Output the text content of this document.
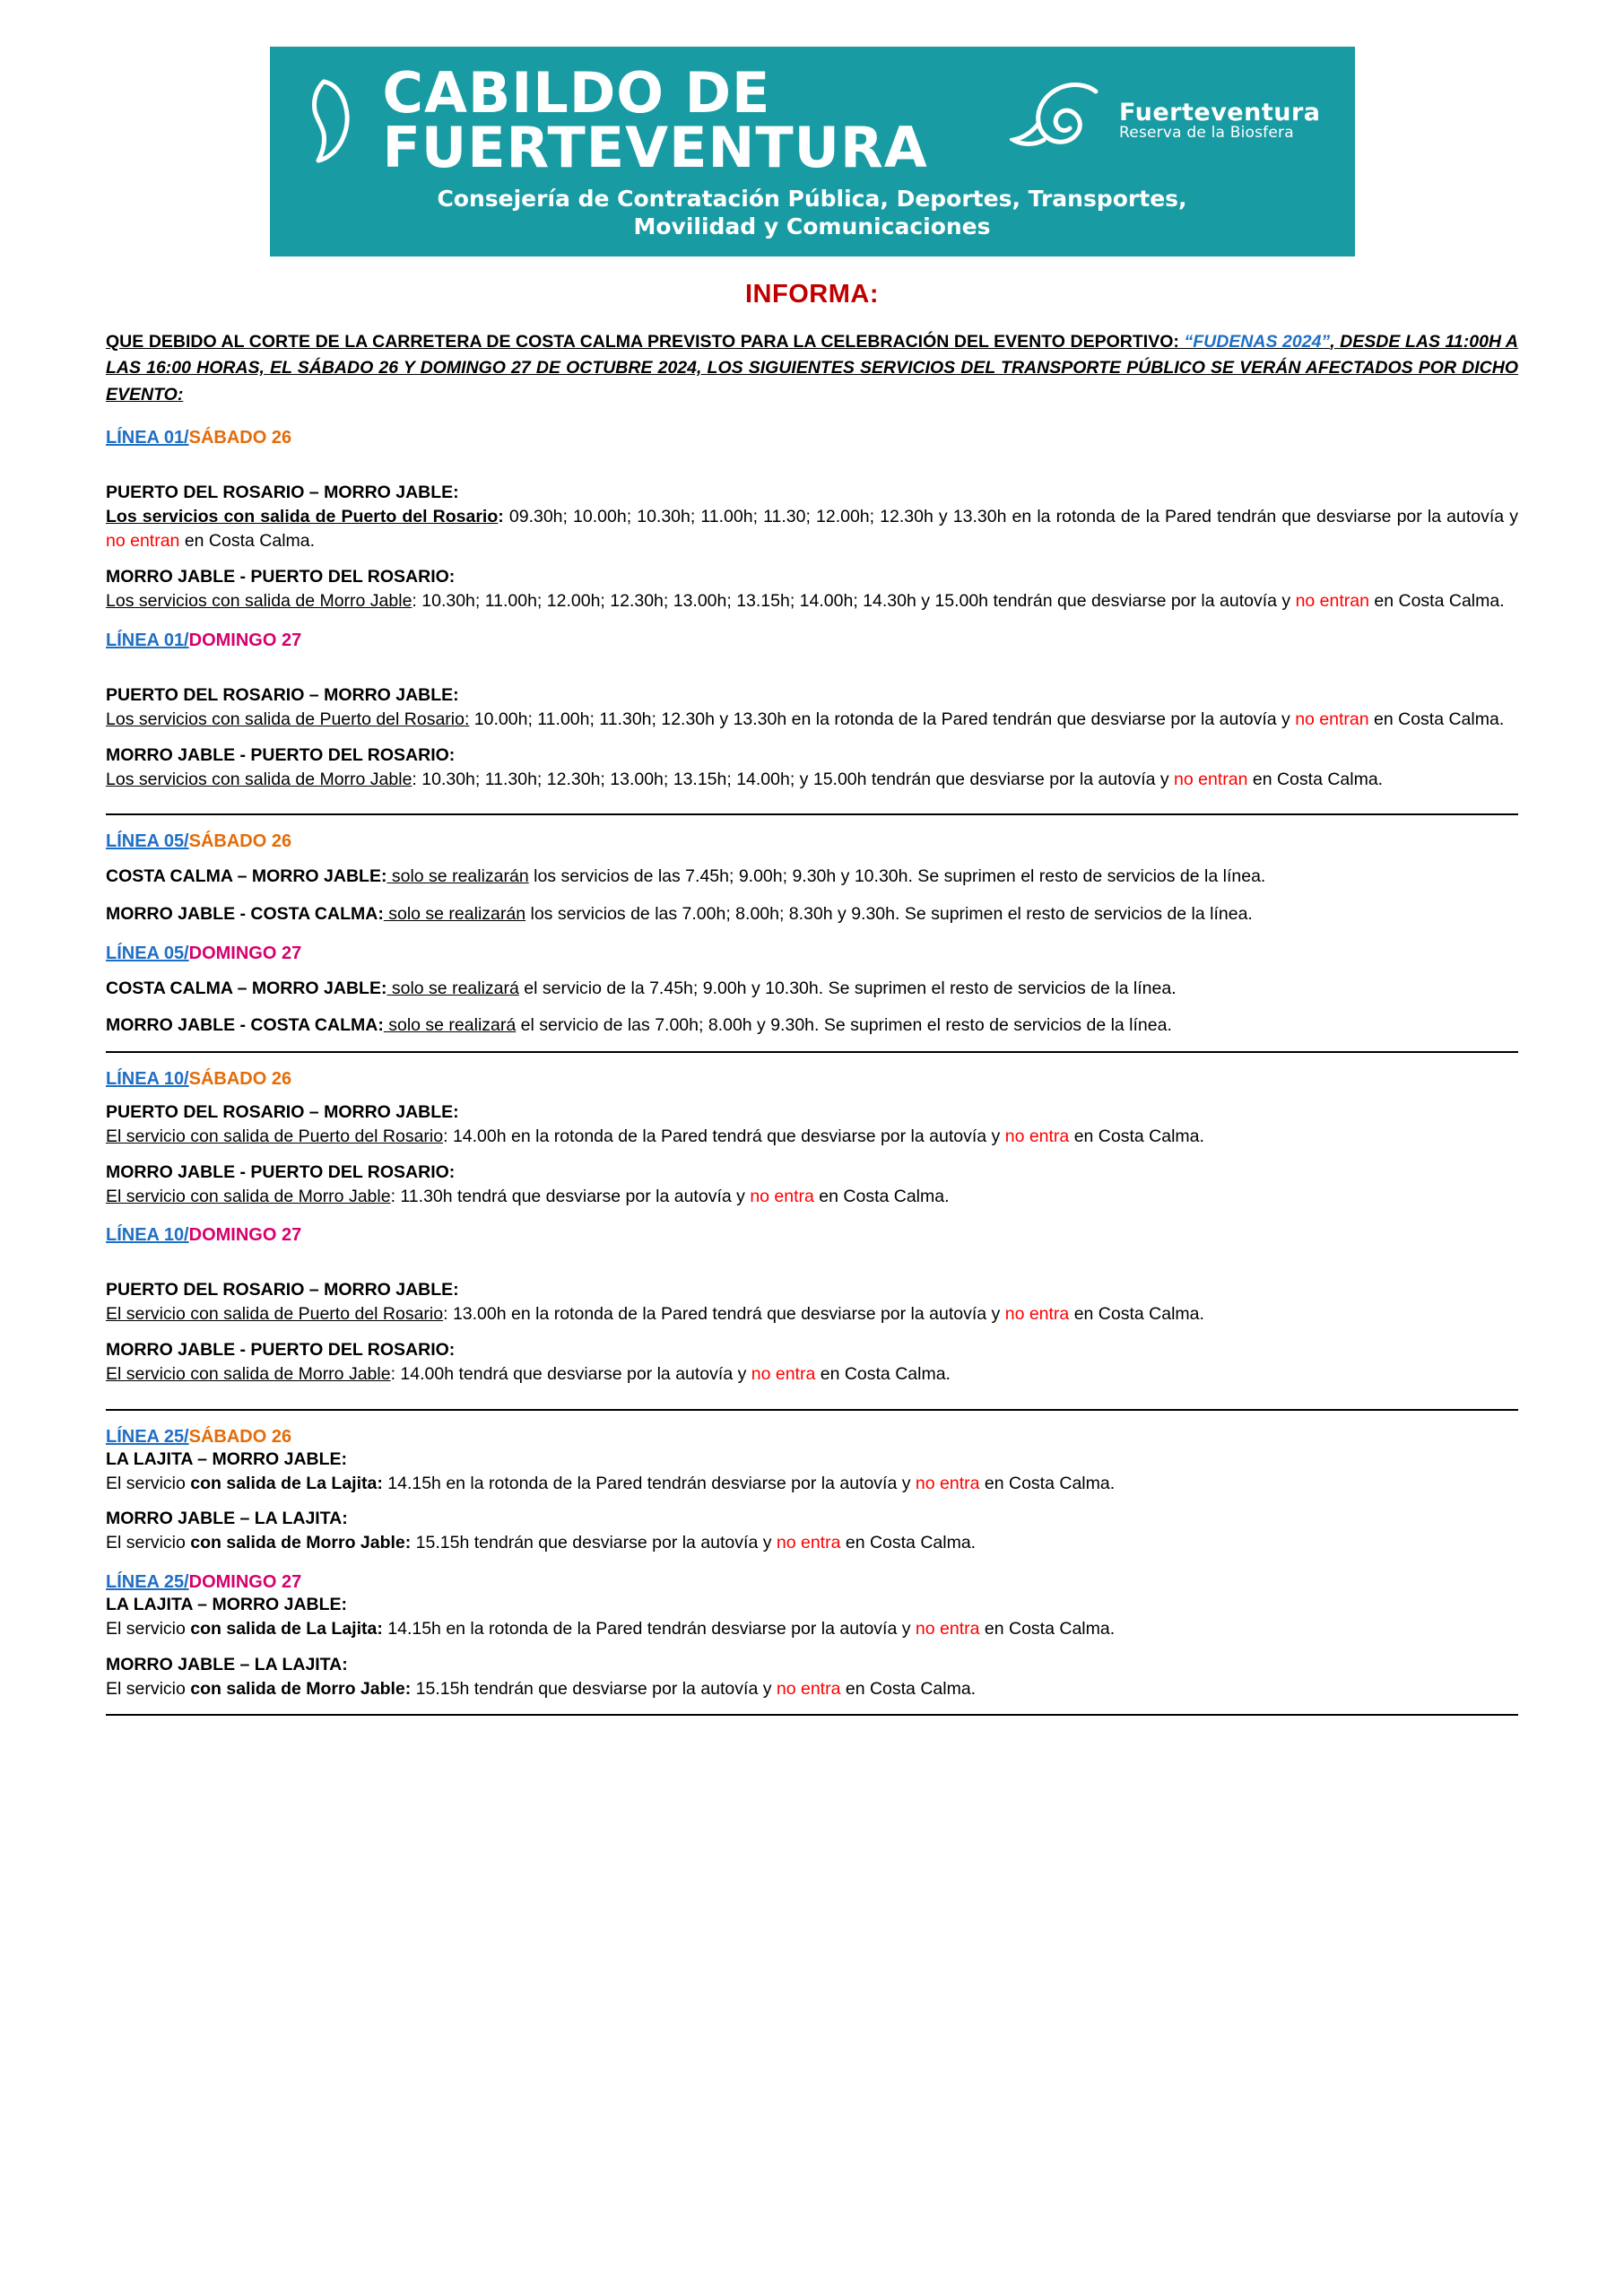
CABILDO DE
FUERTEVENTURA
Fuerteventura
Reserva de la Biosfera
Consejería de Contratación Pública, Deportes, Transportes,
Movilidad y Comunicaciones
INFORMA:
QUE DEBIDO AL CORTE DE LA CARRETERA DE COSTA CALMA PREVISTO PARA LA CELEBRACIÓN DEL EVENTO DEPORTIVO: “FUDENAS 2024”, DESDE LAS 11:00H A LAS 16:00 HORAS, EL SÁBADO 26 Y DOMINGO 27 DE OCTUBRE 2024, LOS SIGUIENTES SERVICIOS DEL TRANSPORTE PÚBLICO SE VERÁN AFECTADOS POR DICHO EVENTO:
LÍNEA 01/SÁBADO 26
PUERTO DEL ROSARIO – MORRO JABLE:

Los servicios con salida de Puerto del Rosario: 09.30h; 10.00h; 10.30h; 11.00h; 11.30; 12.00h; 12.30h y 13.30h en la rotonda de la Pared tendrán que desviarse por la autovía y no entran en Costa Calma.

MORRO JABLE - PUERTO DEL ROSARIO:

Los servicios con salida de Morro Jable: 10.30h; 11.00h; 12.00h; 12.30h; 13.00h; 13.15h; 14.00h; 14.30h y 15.00h tendrán que desviarse por la autovía y no entran en Costa Calma.

LÍNEA 01/DOMINGO 27
PUERTO DEL ROSARIO – MORRO JABLE:

Los servicios con salida de Puerto del Rosario: 10.00h; 11.00h; 11.30h; 12.30h y 13.30h en la rotonda de la Pared tendrán que desviarse por la autovía y no entran en Costa Calma.

MORRO JABLE - PUERTO DEL ROSARIO:

Los servicios con salida de Morro Jable: 10.30h; 11.30h; 12.30h; 13.00h; 13.15h; 14.00h; y 15.00h tendrán que desviarse por la autovía y no entran en Costa Calma.

LÍNEA 05/SÁBADO 26

COSTA CALMA – MORRO JABLE: solo se realizarán los servicios de las 7.45h; 9.00h; 9.30h y 10.30h. Se suprimen el resto de servicios de la línea.

MORRO JABLE - COSTA CALMA: solo se realizarán los servicios de las 7.00h; 8.00h; 8.30h y 9.30h. Se suprimen el resto de servicios de la línea.

LÍNEA 05/DOMINGO 27

COSTA CALMA – MORRO JABLE: solo se realizará el servicio de la 7.45h; 9.00h y 10.30h. Se suprimen el resto de servicios de la línea.

MORRO JABLE - COSTA CALMA: solo se realizará el servicio de las 7.00h; 8.00h y 9.30h. Se suprimen el resto de servicios de la línea.

LÍNEA 10/SÁBADO 26
PUERTO DEL ROSARIO – MORRO JABLE:

El servicio con salida de Puerto del Rosario: 14.00h en la rotonda de la Pared tendrá que desviarse por la autovía y no entra en Costa Calma.

MORRO JABLE - PUERTO DEL ROSARIO:

El servicio con salida de Morro Jable: 11.30h tendrá que desviarse por la autovía y no entra en Costa Calma.

LÍNEA 10/DOMINGO 27
PUERTO DEL ROSARIO – MORRO JABLE:

El servicio con salida de Puerto del Rosario: 13.00h en la rotonda de la Pared tendrá que desviarse por la autovía y no entra en Costa Calma.

MORRO JABLE - PUERTO DEL ROSARIO:

El servicio con salida de Morro Jable: 14.00h tendrá que desviarse por la autovía y no entra en Costa Calma.

LÍNEA 25/SÁBADO 26
LA LAJITA – MORRO JABLE:

El servicio con salida de La Lajita: 14.15h en la rotonda de la Pared tendrán desviarse por la autovía y no entra en Costa Calma.

MORRO JABLE – LA LAJITA:

El servicio con salida de Morro Jable: 15.15h tendrán que desviarse por la autovía y no entra en Costa Calma.

LÍNEA 25/DOMINGO 27
LA LAJITA – MORRO JABLE:

El servicio con salida de La Lajita: 14.15h en la rotonda de la Pared tendrán desviarse por la autovía y no entra en Costa Calma.

MORRO JABLE – LA LAJITA:

El servicio con salida de Morro Jable: 15.15h tendrán que desviarse por la autovía y no entra en Costa Calma.
